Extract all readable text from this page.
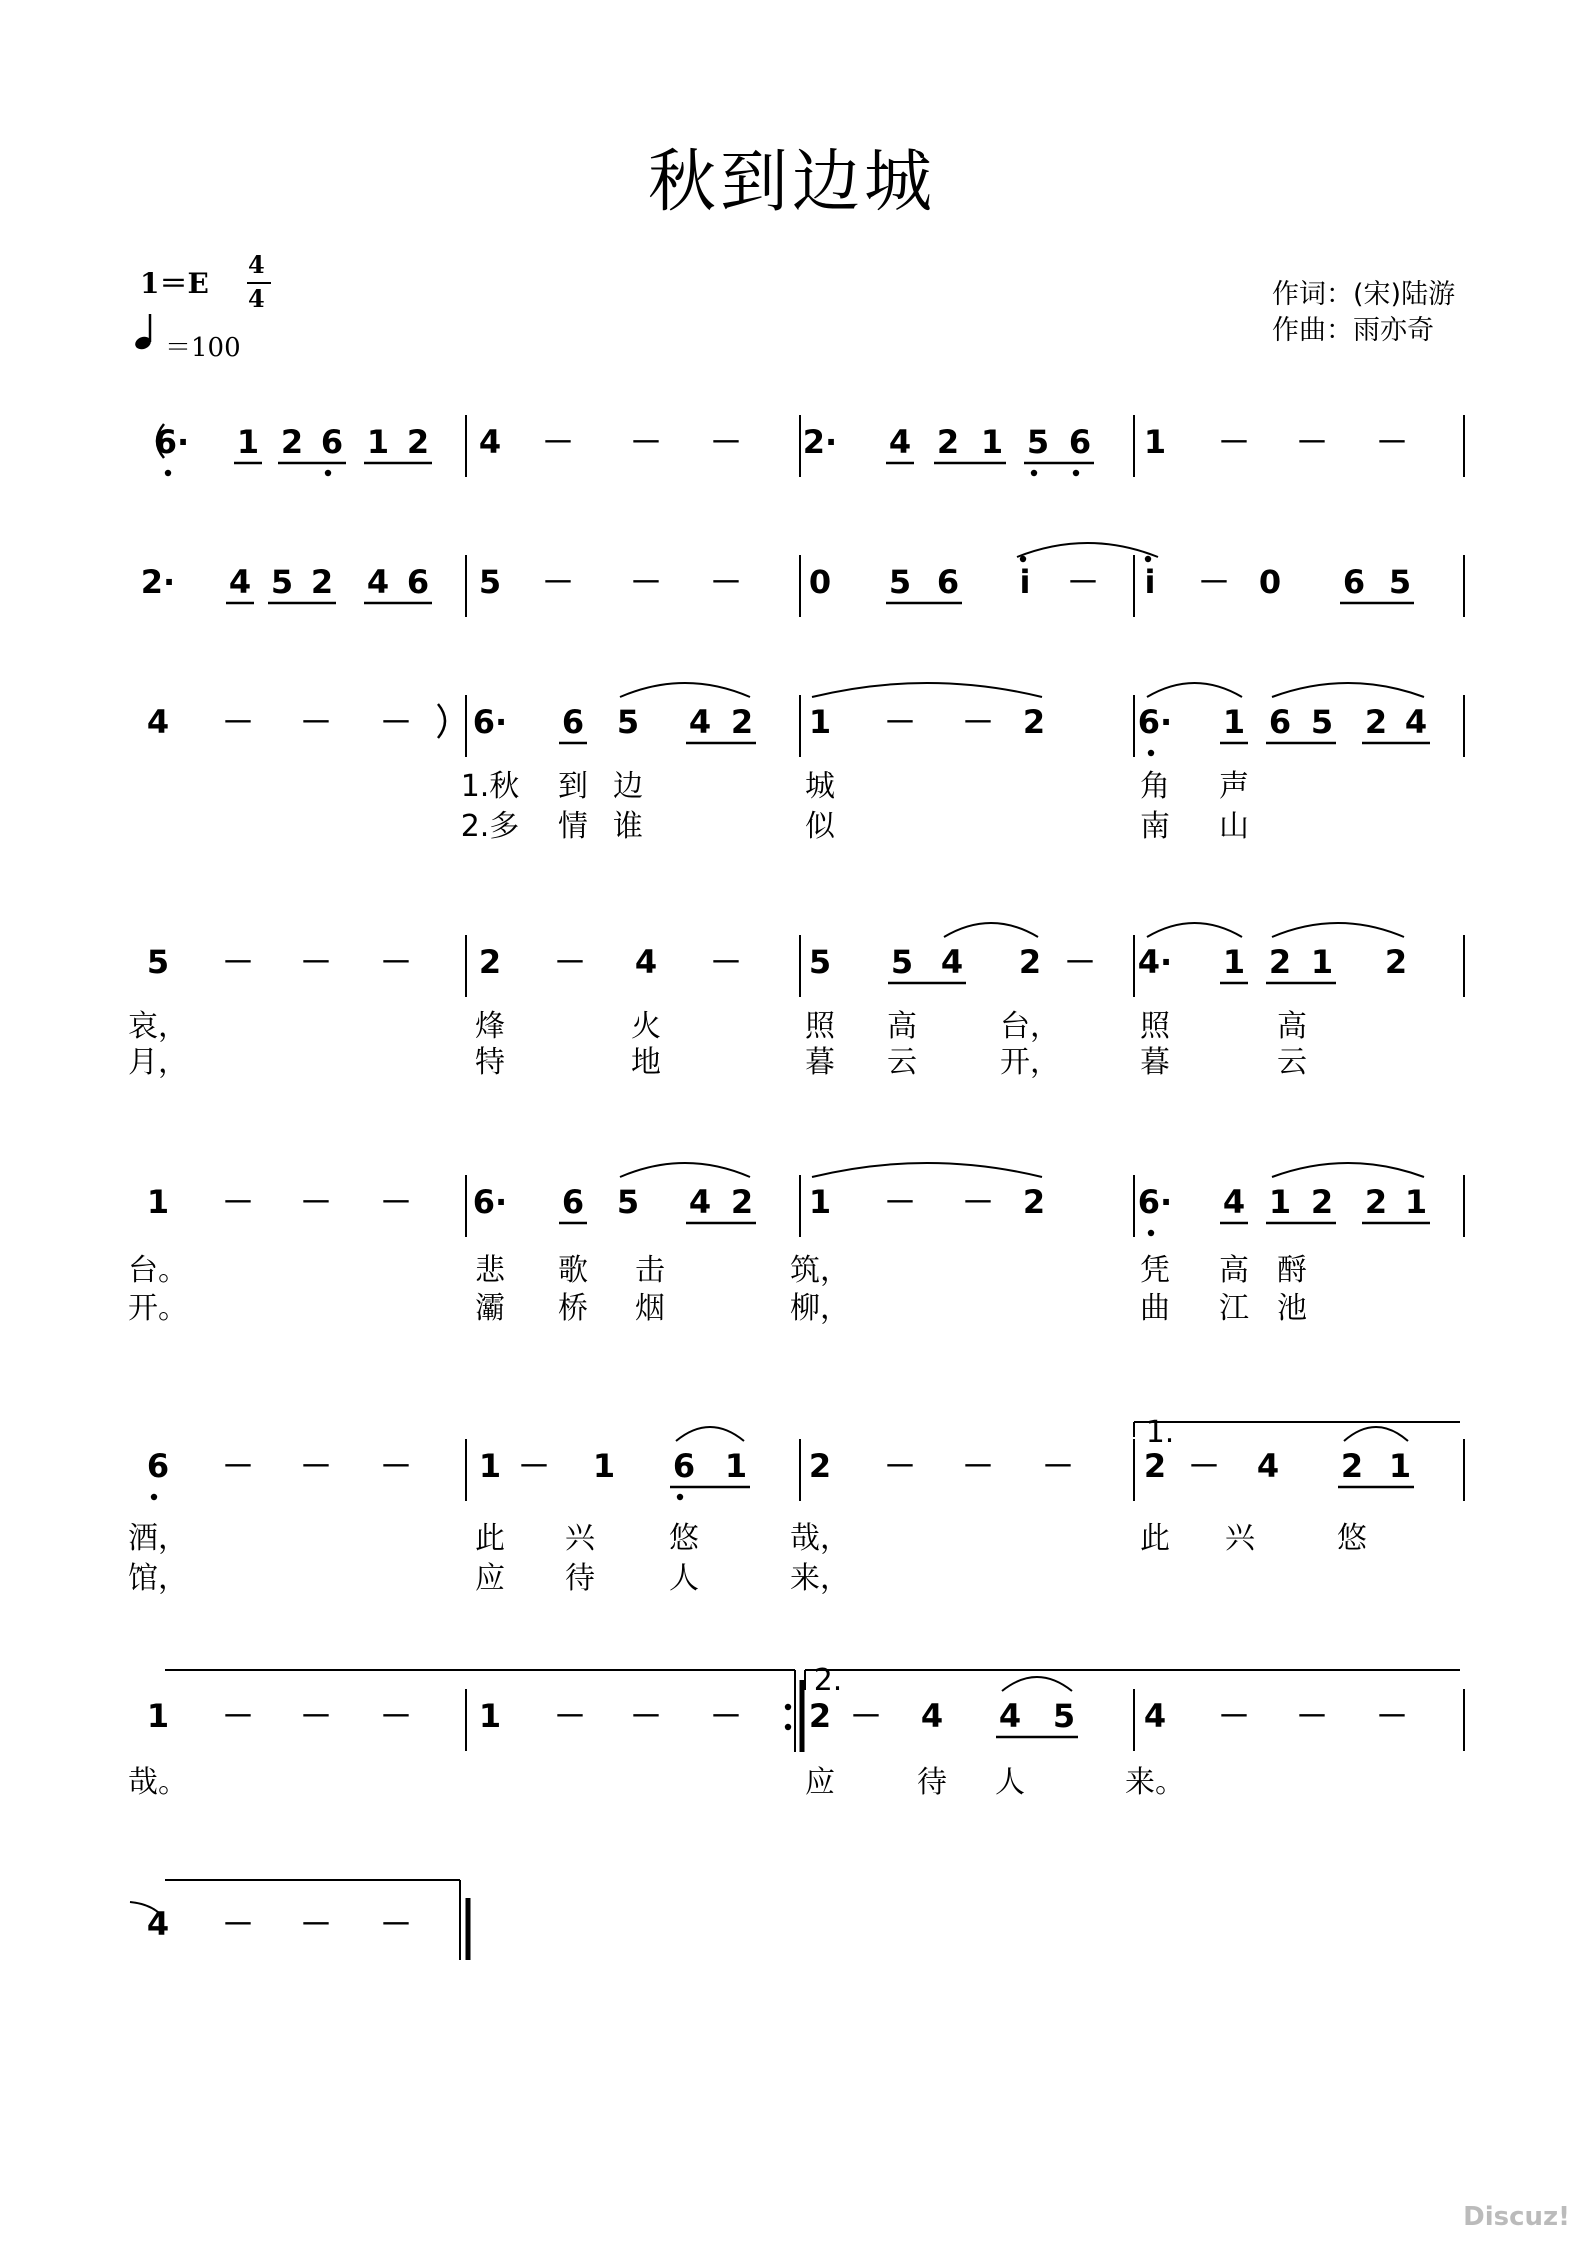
秋到边城
1＝E
4
4
＝100
作词：(宋)陆游
作曲：雨亦奇
Discuz!
6· 1 2 6 1 2 4 － － － 2· 4 2 1 5 6 1 － － －
2· 4 5 2 4 6 5 － － － 0 5 6 i － i － 0 6 5
4 － － － 6· 6 5 4 2 1 － － 2	6· 1 6 5 2 4
1.秋 到 边	城	角 声
2.多 情 谁	似	南 山
5 － － － 2 － 4 － 5 5 4 2 － 4· 1 2 1 2
哀，	烽	火	照 高	台，	照	高
月，	特	地	暮 云	开，	暮	云
1 － － － 6· 6 5 4 2 1 － － 2	6· 4 1 2 2 1
台。	悲 歌 击	筑，	凭 高 酹
开。	灞 桥 烟	柳，	曲 江 池
6 － － － 1 － 1 6 1 2 － － － 2 － 4 2 1
酒，	此 兴 悠	哉，	此 兴	悠
馆，	应 待 人	来，
1 － － － 1 － － － 2 － 4 4 5 4 － － －
哉。	应	待 人	来。
4 － － －
1.
2.
